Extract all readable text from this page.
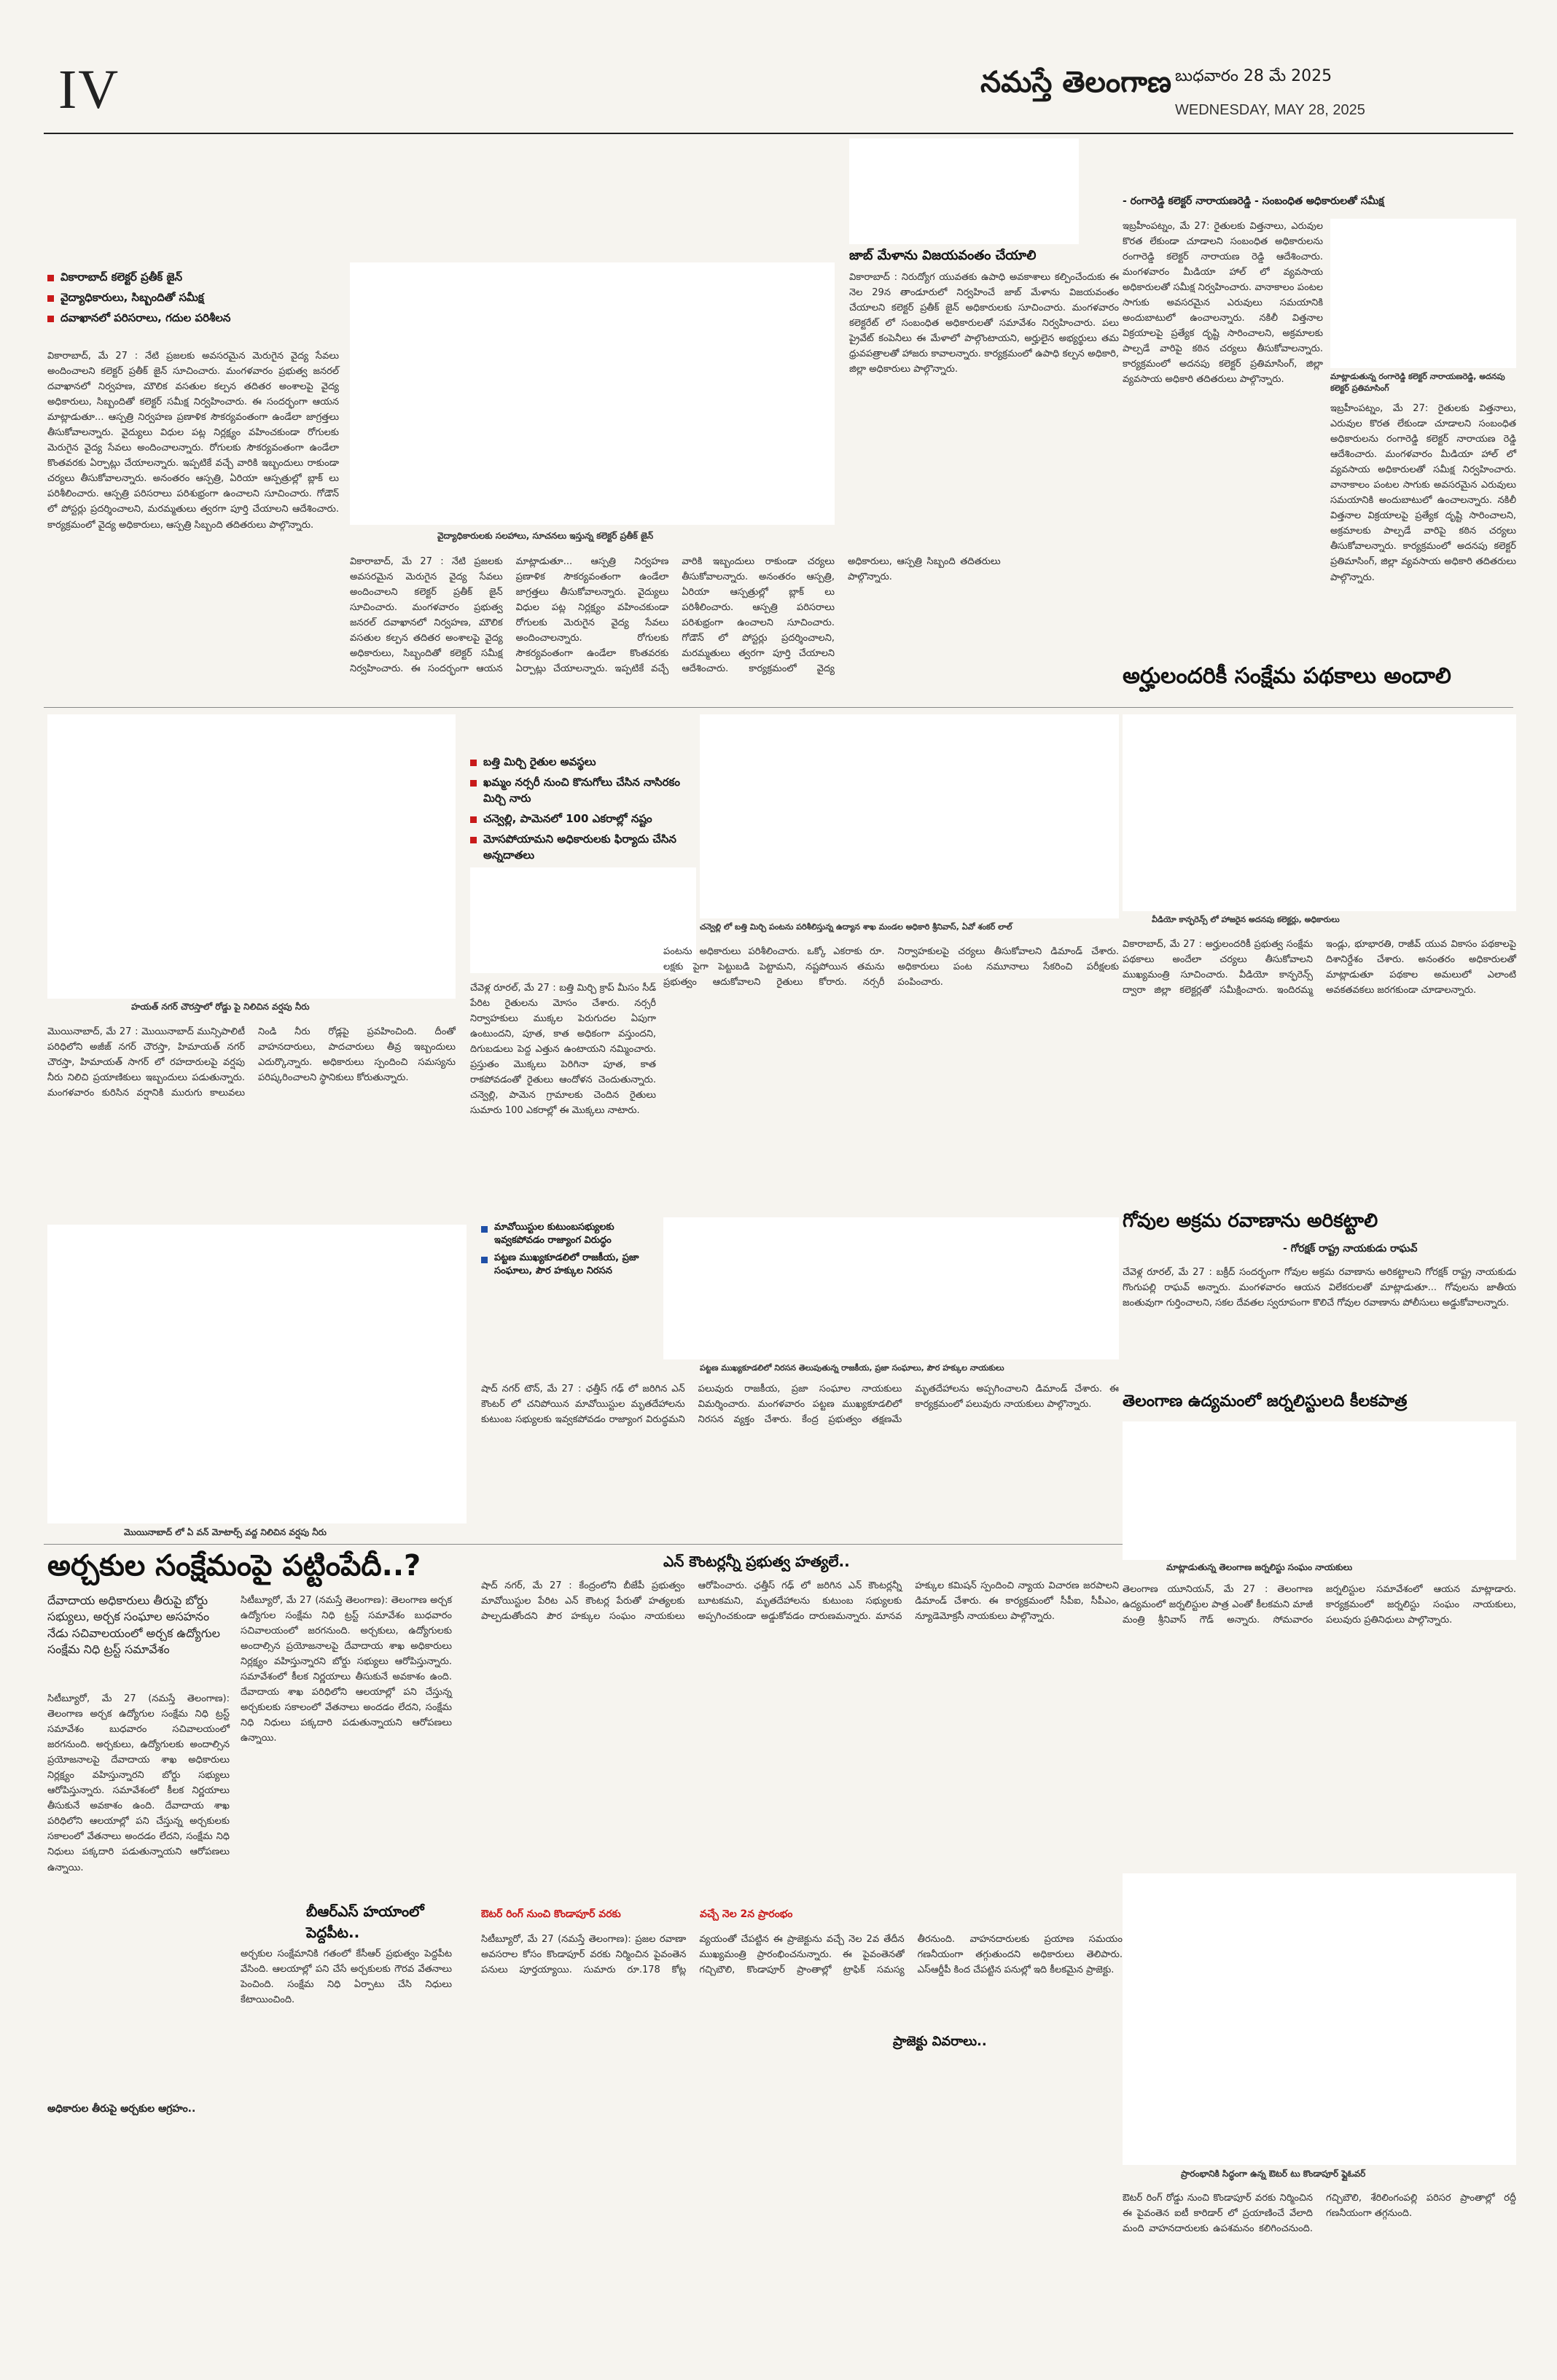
IV	నమస్తే తెలంగాణ బుధవారం 28 మే 2025
WEDNESDAY, MAY 28, 2025
వికారాబాద్ కలెక్టర్ ప్రతీక్ జైన్
వైద్యాధికారులు, సిబ్బందితో సమీక్ష
దవాఖానలో పరిసరాలు, గదుల పరిశీలన
వికారాబాద్, మే 27 : నేటి ప్రజలకు అవసరమైన మెరుగైన వైద్య సేవలు అందించాలని కలెక్టర్ ప్రతీక్ జైన్ సూచించారు. మంగళవారం ప్రభుత్వ జనరల్ దవాఖానలో నిర్వహణ, మౌలిక వసతుల కల్పన తదితర అంశాలపై వైద్య అధికారులు, సిబ్బందితో కలెక్టర్ సమీక్ష నిర్వహించారు. ఈ సందర్భంగా ఆయన మాట్లాడుతూ... ఆస్పత్రి నిర్వహణ ప్రణాళిక సౌకర్యవంతంగా ఉండేలా జాగ్రత్తలు తీసుకోవాలన్నారు. వైద్యులు విధుల పట్ల నిర్లక్ష్యం వహించకుండా రోగులకు మెరుగైన వైద్య సేవలు అందించాలన్నారు. రోగులకు సౌకర్యవంతంగా ఉండేలా కొంతవరకు ఏర్పాట్లు చేయాలన్నారు. ఇప్పటికే వచ్చే వారికి ఇబ్బందులు రాకుండా చర్యలు తీసుకోవాలన్నారు. అనంతరం ఆస్పత్రి, ఏరియా ఆస్పత్రుల్లో బ్లాక్ లు పరిశీలించారు. ఆస్పత్రి పరిసరాలు పరిశుభ్రంగా ఉంచాలని సూచించారు. గోడౌన్ లో పోస్టర్లు ప్రదర్శించాలని, మరమ్మతులు త్వరగా పూర్తి చేయాలని ఆదేశించారు. కార్యక్రమంలో వైద్య అధికారులు, ఆస్పత్రి సిబ్బంది తదితరులు పాల్గొన్నారు.
వైద్యాధికారులకు సలహాలు, సూచనలు ఇస్తున్న కలెక్టర్ ప్రతీక్ జైన్
వికారాబాద్, మే 27 : నేటి ప్రజలకు అవసరమైన మెరుగైన వైద్య సేవలు అందించాలని కలెక్టర్ ప్రతీక్ జైన్ సూచించారు. మంగళవారం ప్రభుత్వ జనరల్ దవాఖానలో నిర్వహణ, మౌలిక వసతుల కల్పన తదితర అంశాలపై వైద్య అధికారులు, సిబ్బందితో కలెక్టర్ సమీక్ష నిర్వహించారు. ఈ సందర్భంగా ఆయన మాట్లాడుతూ... ఆస్పత్రి నిర్వహణ ప్రణాళిక సౌకర్యవంతంగా ఉండేలా జాగ్రత్తలు తీసుకోవాలన్నారు. వైద్యులు విధుల పట్ల నిర్లక్ష్యం వహించకుండా రోగులకు మెరుగైన వైద్య సేవలు అందించాలన్నారు. రోగులకు సౌకర్యవంతంగా ఉండేలా కొంతవరకు ఏర్పాట్లు చేయాలన్నారు. ఇప్పటికే వచ్చే వారికి ఇబ్బందులు రాకుండా చర్యలు తీసుకోవాలన్నారు. అనంతరం ఆస్పత్రి, ఏరియా ఆస్పత్రుల్లో బ్లాక్ లు పరిశీలించారు. ఆస్పత్రి పరిసరాలు పరిశుభ్రంగా ఉంచాలని సూచించారు. గోడౌన్ లో పోస్టర్లు ప్రదర్శించాలని, మరమ్మతులు త్వరగా పూర్తి చేయాలని ఆదేశించారు. కార్యక్రమంలో వైద్య అధికారులు, ఆస్పత్రి సిబ్బంది తదితరులు పాల్గొన్నారు.
జాబ్ మేళాను విజయవంతం చేయాలి
వికారాబాద్ : నిరుద్యోగ యువతకు ఉపాధి అవకాశాలు కల్పించేందుకు ఈ నెల 29న తాండూరులో నిర్వహించే జాబ్ మేళాను విజయవంతం చేయాలని కలెక్టర్ ప్రతీక్ జైన్ అధికారులకు సూచించారు. మంగళవారం కలెక్టరేట్ లో సంబంధిత అధికారులతో సమావేశం నిర్వహించారు. పలు ప్రైవేట్ కంపెనీలు ఈ మేళాలో పాల్గొంటాయని, అర్హులైన అభ్యర్థులు తమ ధ్రువపత్రాలతో హాజరు కావాలన్నారు. కార్యక్రమంలో ఉపాధి కల్పన అధికారి, జిల్లా అధికారులు పాల్గొన్నారు.
- రంగారెడ్డి కలెక్టర్ నారాయణరెడ్డి - సంబంధిత అధికారులతో సమీక్ష
ఇబ్రహీంపట్నం, మే 27: రైతులకు విత్తనాలు, ఎరువుల కొరత లేకుండా చూడాలని సంబంధిత అధికారులను రంగారెడ్డి కలెక్టర్ నారాయణ రెడ్డి ఆదేశించారు. మంగళవారం మీడియా హాల్ లో వ్యవసాయ అధికారులతో సమీక్ష నిర్వహించారు. వానాకాలం పంటల సాగుకు అవసరమైన ఎరువులు సమయానికి అందుబాటులో ఉంచాలన్నారు. నకిలీ విత్తనాల విక్రయాలపై ప్రత్యేక దృష్టి సారించాలని, అక్రమాలకు పాల్పడే వారిపై కఠిన చర్యలు తీసుకోవాలన్నారు. కార్యక్రమంలో అదనపు కలెక్టర్ ప్రతిమాసింగ్, జిల్లా వ్యవసాయ అధికారి తదితరులు పాల్గొన్నారు.	మాట్లాడుతున్న రంగారెడ్డి కలెక్టర్ నారాయణరెడ్డి, అదనపు కలెక్టర్ ప్రతిమాసింగ్
ఇబ్రహీంపట్నం, మే 27: రైతులకు విత్తనాలు, ఎరువుల కొరత లేకుండా చూడాలని సంబంధిత అధికారులను రంగారెడ్డి కలెక్టర్ నారాయణ రెడ్డి ఆదేశించారు. మంగళవారం మీడియా హాల్ లో వ్యవసాయ అధికారులతో సమీక్ష నిర్వహించారు. వానాకాలం పంటల సాగుకు అవసరమైన ఎరువులు సమయానికి అందుబాటులో ఉంచాలన్నారు. నకిలీ విత్తనాల విక్రయాలపై ప్రత్యేక దృష్టి సారించాలని, అక్రమాలకు పాల్పడే వారిపై కఠిన చర్యలు తీసుకోవాలన్నారు. కార్యక్రమంలో అదనపు కలెక్టర్ ప్రతిమాసింగ్, జిల్లా వ్యవసాయ అధికారి తదితరులు పాల్గొన్నారు.
అర్హులందరికీ సంక్షేమ పథకాలు అందాలి
బత్తి మిర్చి రైతుల అవస్థలు
ఖమ్మం నర్సరీ నుంచి కొనుగోలు చేసిన నాసిరకం మిర్చి నారు
చన్వెల్లి, పామెనలో 100 ఎకరాల్లో నష్టం
మోసపోయామని అధికారులకు ఫిర్యాదు చేసిన అన్నదాతలు
హయత్ నగర్ చౌరస్తాలో రోడ్డు పై నిలిచిన వర్షపు నీరు
మొయినాబాద్, మే 27 : మొయినాబాద్ మున్సిపాలిటీ పరిధిలోని అజీజ్ నగర్ చౌరస్తా, హిమాయత్ నగర్ చౌరస్తా, హిమాయత్ సాగర్ లో రహదారులపై వర్షపు నీరు నిలిచి ప్రయాణికులు ఇబ్బందులు పడుతున్నారు. మంగళవారం కురిసిన వర్షానికి మురుగు కాలువలు నిండి నీరు రోడ్లపై ప్రవహించింది. దీంతో వాహనదారులు, పాదచారులు తీవ్ర ఇబ్బందులు ఎదుర్కొన్నారు. అధికారులు స్పందించి సమస్యను పరిష్కరించాలని స్థానికులు కోరుతున్నారు.
చేవెళ్ల రూరల్, మే 27 : బత్తి మిర్చి క్రాప్ మీసం సీడ్ పేరిట రైతులను మోసం చేశారు. నర్సరీ నిర్వాహకులు ముక్కల పెరుగుదల ఏపుగా ఉంటుందని, పూత, కాత అధికంగా వస్తుందని, దిగుబడులు పెద్ద ఎత్తున ఉంటాయని నమ్మించారు. ప్రస్తుతం మొక్కలు పెరిగినా పూత, కాత రాకపోవడంతో రైతులు ఆందోళన చెందుతున్నారు. చన్వెల్లి, పామెన గ్రామాలకు చెందిన రైతులు సుమారు 100 ఎకరాల్లో ఈ మొక్కలు నాటారు.
చన్వెల్లి లో బత్తి మిర్చి పంటను పరిశీలిస్తున్న ఉద్యాన శాఖ మండల అధికారి శ్రీనివాస్, ఏవో శంకర్ లాల్
పంటను అధికారులు పరిశీలించారు. ఒక్కో ఎకరాకు రూ. లక్షకు పైగా పెట్టుబడి పెట్టామని, నష్టపోయిన తమను ప్రభుత్వం ఆదుకోవాలని రైతులు కోరారు. నర్సరీ నిర్వాహకులపై చర్యలు తీసుకోవాలని డిమాండ్ చేశారు. అధికారులు పంట నమూనాలు సేకరించి పరీక్షలకు పంపించారు.
వీడియో కాన్ఫరెన్స్ లో హాజరైన అదనపు కలెక్టర్లు, అధికారులు
వికారాబాద్, మే 27 : అర్హులందరికీ ప్రభుత్వ సంక్షేమ పథకాలు అందేలా చర్యలు తీసుకోవాలని ముఖ్యమంత్రి సూచించారు. వీడియో కాన్ఫరెన్స్ ద్వారా జిల్లా కలెక్టర్లతో సమీక్షించారు. ఇందిరమ్మ ఇండ్లు, భూభారతి, రాజీవ్ యువ వికాసం పథకాలపై దిశానిర్దేశం చేశారు. అనంతరం అధికారులతో మాట్లాడుతూ పథకాల అమలులో ఎలాంటి అవకతవకలు జరగకుండా చూడాలన్నారు.
గోవుల అక్రమ రవాణాను అరికట్టాలి
- గోరక్షక్ రాష్ట్ర నాయకుడు రాఘవ్
చేవెళ్ల రూరల్, మే 27 : బక్రీద్ సందర్భంగా గోవుల అక్రమ రవాణాను అరికట్టాలని గోరక్షక్ రాష్ట్ర నాయకుడు గొంగుపల్లి రాఘవ్ అన్నారు. మంగళవారం ఆయన విలేకరులతో మాట్లాడుతూ... గోవులను జాతీయ జంతువుగా గుర్తించాలని, సకల దేవతల స్వరూపంగా కొలిచే గోవుల రవాణాను పోలీసులు అడ్డుకోవాలన్నారు.
తెలంగాణ ఉద్యమంలో జర్నలిస్టులది కీలకపాత్ర
మాట్లాడుతున్న తెలంగాణ జర్నలిస్టు సంఘం నాయకులు
తెలంగాణ యూనియన్, మే 27 : తెలంగాణ ఉద్యమంలో జర్నలిస్టుల పాత్ర ఎంతో కీలకమని మాజీ మంత్రి శ్రీనివాస్ గౌడ్ అన్నారు. సోమవారం జర్నలిస్టుల సమావేశంలో ఆయన మాట్లాడారు. కార్యక్రమంలో జర్నలిస్టు సంఘం నాయకులు, పలువురు ప్రతినిధులు పాల్గొన్నారు.
మావోయిస్టుల కుటుంబసభ్యులకు ఇవ్వకపోవడం రాజ్యాంగ విరుద్ధం
పట్టణ ముఖ్యకూడలిలో రాజకీయ, ప్రజా సంఘాలు, పౌర హక్కుల నిరసన
పట్టణ ముఖ్యకూడలిలో నిరసన తెలుపుతున్న రాజకీయ, ప్రజా సంఘాలు, పౌర హక్కుల నాయకులు
షాద్ నగర్ టౌన్, మే 27 : ఛత్తీస్ గఢ్ లో జరిగిన ఎన్ కౌంటర్ లో చనిపోయిన మావోయిస్టుల మృతదేహాలను కుటుంబ సభ్యులకు ఇవ్వకపోవడం రాజ్యాంగ విరుద్ధమని పలువురు రాజకీయ, ప్రజా సంఘాల నాయకులు విమర్శించారు. మంగళవారం పట్టణ ముఖ్యకూడలిలో నిరసన వ్యక్తం చేశారు. కేంద్ర ప్రభుత్వం తక్షణమే మృతదేహాలను అప్పగించాలని డిమాండ్ చేశారు. ఈ కార్యక్రమంలో పలువురు నాయకులు పాల్గొన్నారు.
మొయినాబాద్ లో ఏ వన్ మోటార్స్ వద్ద నిలిచిన వర్షపు నీరు
అర్చకుల సంక్షేమంపై పట్టింపేదీ..?
దేవాదాయ అధికారులు తీరుపై బోర్డు సభ్యులు, అర్చక సంఘాల అసహనం నేడు సచివాలయంలో అర్చక ఉద్యోగుల సంక్షేమ నిధి ట్రస్ట్ సమావేశం
సిటీబ్యూరో, మే 27 (నమస్తే తెలంగాణ): తెలంగాణ అర్చక ఉద్యోగుల సంక్షేమ నిధి ట్రస్ట్ సమావేశం బుధవారం సచివాలయంలో జరగనుంది. అర్చకులు, ఉద్యోగులకు అందాల్సిన ప్రయోజనాలపై దేవాదాయ శాఖ అధికారులు నిర్లక్ష్యం వహిస్తున్నారని బోర్డు సభ్యులు ఆరోపిస్తున్నారు. సమావేశంలో కీలక నిర్ణయాలు తీసుకునే అవకాశం ఉంది. దేవాదాయ శాఖ పరిధిలోని ఆలయాల్లో పని చేస్తున్న అర్చకులకు సకాలంలో వేతనాలు అందడం లేదని, సంక్షేమ నిధి నిధులు పక్కదారి పడుతున్నాయని ఆరోపణలు ఉన్నాయి.
సిటీబ్యూరో, మే 27 (నమస్తే తెలంగాణ): తెలంగాణ అర్చక ఉద్యోగుల సంక్షేమ నిధి ట్రస్ట్ సమావేశం బుధవారం సచివాలయంలో జరగనుంది. అర్చకులు, ఉద్యోగులకు అందాల్సిన ప్రయోజనాలపై దేవాదాయ శాఖ అధికారులు నిర్లక్ష్యం వహిస్తున్నారని బోర్డు సభ్యులు ఆరోపిస్తున్నారు. సమావేశంలో కీలక నిర్ణయాలు తీసుకునే అవకాశం ఉంది. దేవాదాయ శాఖ పరిధిలోని ఆలయాల్లో పని చేస్తున్న అర్చకులకు సకాలంలో వేతనాలు అందడం లేదని, సంక్షేమ నిధి నిధులు పక్కదారి పడుతున్నాయని ఆరోపణలు ఉన్నాయి.
బీఆర్ఎస్ హయాంలో పెద్దపీట..
అర్చకుల సంక్షేమానికి గతంలో కేసీఆర్ ప్రభుత్వం పెద్దపీట వేసింది. ఆలయాల్లో పని చేసే అర్చకులకు గౌరవ వేతనాలు పెంచింది. సంక్షేమ నిధి ఏర్పాటు చేసి నిధులు కేటాయించింది.
అధికారుల తీరుపై అర్చకుల ఆగ్రహం..
ఎన్ కౌంటర్లన్నీ ప్రభుత్వ హత్యలే..
షాద్ నగర్, మే 27 : కేంద్రంలోని బీజేపీ ప్రభుత్వం మావోయిస్టుల పేరిట ఎన్ కౌంటర్ల పేరుతో హత్యలకు పాల్పడుతోందని పౌర హక్కుల సంఘం నాయకులు ఆరోపించారు. ఛత్తీస్ గఢ్ లో జరిగిన ఎన్ కౌంటర్లన్నీ బూటకమని, మృతదేహాలను కుటుంబ సభ్యులకు అప్పగించకుండా అడ్డుకోవడం దారుణమన్నారు. మానవ హక్కుల కమిషన్ స్పందించి న్యాయ విచారణ జరపాలని డిమాండ్ చేశారు. ఈ కార్యక్రమంలో సీపీఐ, సీపీఎం, న్యూడెమోక్రసీ నాయకులు పాల్గొన్నారు.
ఔటర్ రింగ్ నుంచి కొండాపూర్ వరకు	వచ్చే నెల 2న ప్రారంభం
సిటీబ్యూరో, మే 27 (నమస్తే తెలంగాణ): ప్రజల రవాణా అవసరాల కోసం కొండాపూర్ వరకు నిర్మించిన పైవంతెన పనులు పూర్తయ్యాయి. సుమారు రూ.178 కోట్ల వ్యయంతో చేపట్టిన ఈ ప్రాజెక్టును వచ్చే నెల 2వ తేదీన ముఖ్యమంత్రి ప్రారంభించనున్నారు. ఈ పైవంతెనతో గచ్చిబౌలి, కొండాపూర్ ప్రాంతాల్లో ట్రాఫిక్ సమస్య తీరనుంది. వాహనదారులకు ప్రయాణ సమయం గణనీయంగా తగ్గుతుందని అధికారులు తెలిపారు. ఎస్ఆర్డీపీ కింద చేపట్టిన పనుల్లో ఇది కీలకమైన ప్రాజెక్టు.
ప్రాజెక్టు వివరాలు..
ప్రారంభానికి సిద్ధంగా ఉన్న ఔటర్ టు కొండాపూర్ ఫ్లైఓవర్
ఔటర్ రింగ్ రోడ్డు నుంచి కొండాపూర్ వరకు నిర్మించిన ఈ పైవంతెన ఐటీ కారిడార్ లో ప్రయాణించే వేలాది మంది వాహనదారులకు ఉపశమనం కలిగించనుంది. గచ్చిబౌలి, శేరిలింగంపల్లి పరిసర ప్రాంతాల్లో రద్దీ గణనీయంగా తగ్గనుంది.
